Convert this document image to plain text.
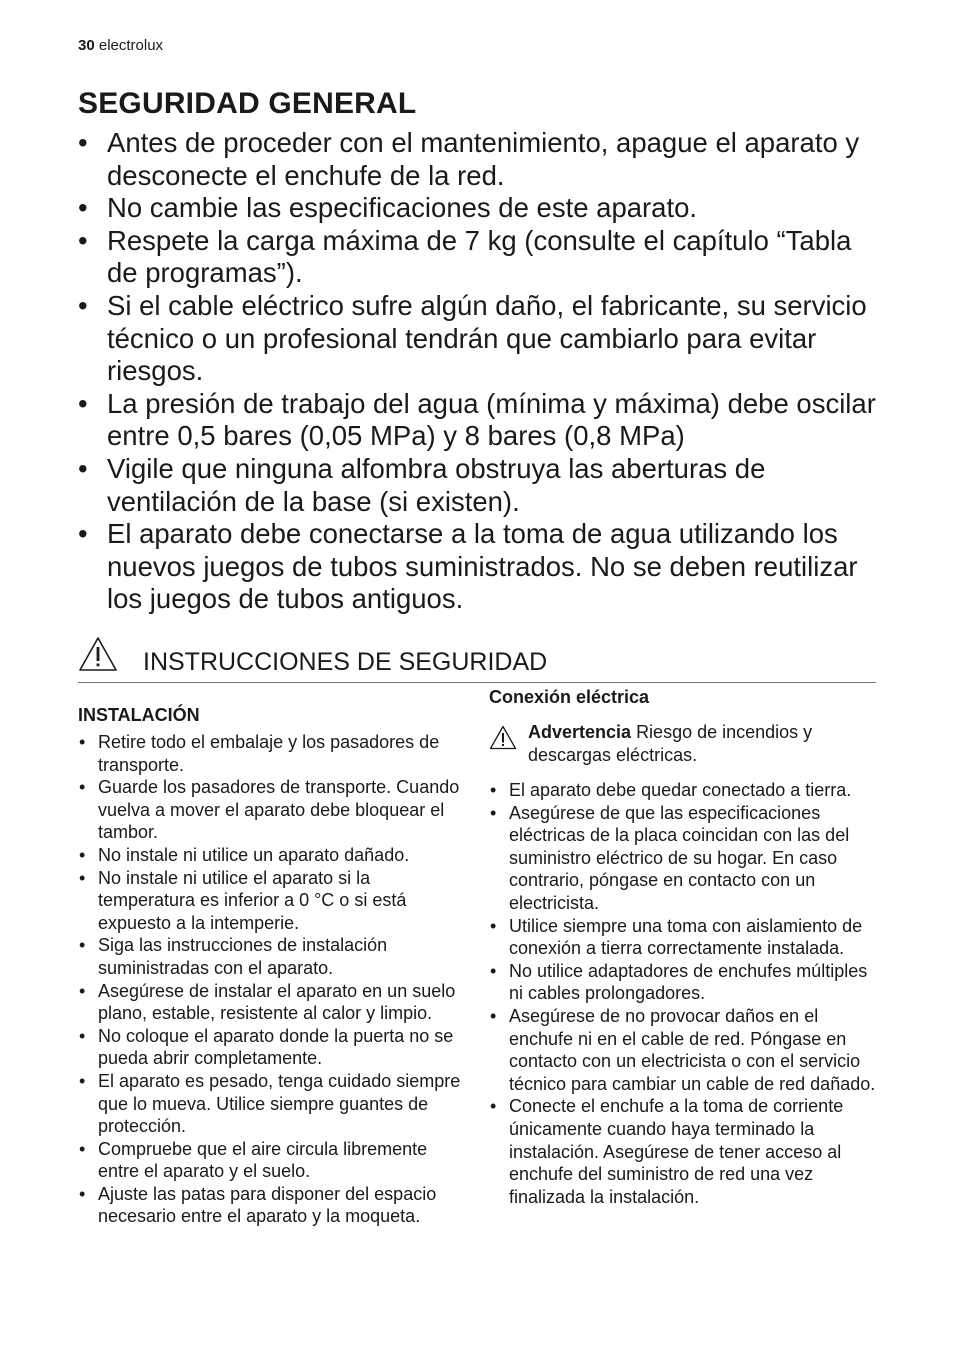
30 electrolux
SEGURIDAD GENERAL
• Antes de proceder con el mantenimiento, apague el aparato y desconecte el enchufe de la red.
• No cambie las especificaciones de este aparato.
• Respete la carga máxima de 7 kg (consulte el capítulo “Tabla de programas”).
• Si el cable eléctrico sufre algún daño, el fabricante, su servicio técnico o un profesional tendrán que cambiarlo para evitar riesgos.
• La presión de trabajo del agua (mínima y máxima) debe oscilar entre 0,5 bares (0,05 MPa) y 8 bares (0,8 MPa)
• Vigile que ninguna alfombra obstruya las aberturas de ventilación de la base (si existen).
• El aparato debe conectarse a la toma de agua utilizando los nuevos juegos de tubos suministrados. No se deben reutilizar los juegos de tubos antiguos.
INSTRUCCIONES DE SEGURIDAD
INSTALACIÓN
• Retire todo el embalaje y los pasadores de transporte.
• Guarde los pasadores de transporte. Cuando vuelva a mover el aparato debe bloquear el tambor.
• No instale ni utilice un aparato dañado.
• No instale ni utilice el aparato si la temperatura es inferior a 0 °C o si está expuesto a la intemperie.
• Siga las instrucciones de instalación suministradas con el aparato.
• Asegúrese de instalar el aparato en un suelo plano, estable, resistente al calor y limpio.
• No coloque el aparato donde la puerta no se pueda abrir completamente.
• El aparato es pesado, tenga cuidado siempre que lo mueva. Utilice siempre guantes de protección.
• Compruebe que el aire circula libremente entre el aparato y el suelo.
• Ajuste las patas para disponer del espacio necesario entre el aparato y la moqueta.
Conexión eléctrica
Advertencia Riesgo de incendios y descargas eléctricas.
• El aparato debe quedar conectado a tierra.
• Asegúrese de que las especificaciones eléctricas de la placa coincidan con las del suministro eléctrico de su hogar. En caso contrario, póngase en contacto con un electricista.
• Utilice siempre una toma con aislamiento de conexión a tierra correctamente instalada.
• No utilice adaptadores de enchufes múltiples ni cables prolongadores.
• Asegúrese de no provocar daños en el enchufe ni en el cable de red. Póngase en contacto con un electricista o con el servicio técnico para cambiar un cable de red dañado.
• Conecte el enchufe a la toma de corriente únicamente cuando haya terminado la instalación. Asegúrese de tener acceso al enchufe del suministro de red una vez finalizada la instalación.
